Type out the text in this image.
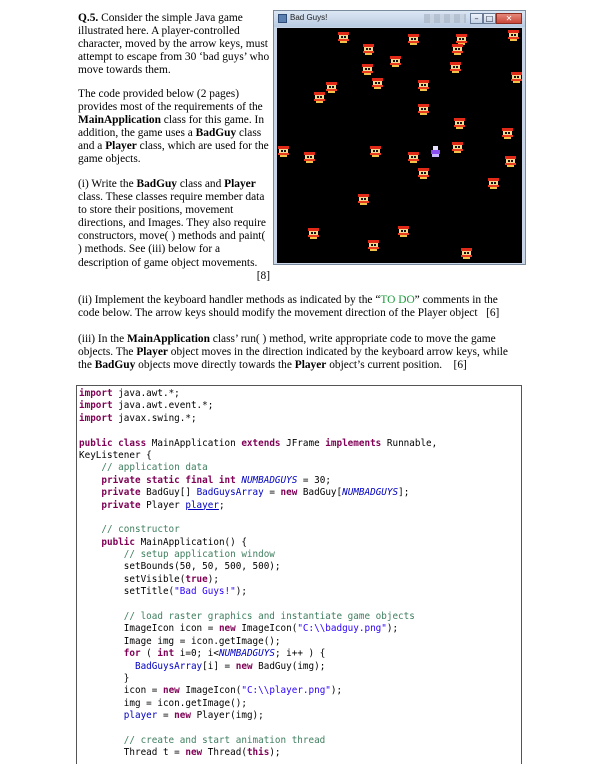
Q.5. Consider the simple Java game illustrated here. A player-controlled character, moved by the arrow keys, must attempt to escape from 30 ‘bad guys’ who move towards them.

The code provided below (2 pages) provides most of the requirements of the MainApplication class for this game. In addition, the game uses a BadGuy class and a Player class, which are used for the game objects.

(i) Write the BadGuy class and Player class. These classes require member data to store their positions, movement directions, and Images. They also require constructors, move( ) methods and paint( ) methods. See (iii) below for a description of game object movements.
[8]

Bad Guys!	– □	✕

(ii) Implement the keyboard handler methods as indicated by the “TO DO” comments in the code below. The arrow keys should modify the movement direction of the Player object [6]

(iii) In the MainApplication class’ run( ) method, write appropriate code to move the game objects. The Player object moves in the direction indicated by the keyboard arrow keys, while the BadGuy objects move directly towards the Player object’s current position. [6]

import java.awt.*;
import java.awt.event.*;
import javax.swing.*;

public class MainApplication extends JFrame implements Runnable,
KeyListener {
// application data
private static final int NUMBADGUYS = 30;
private BadGuy[] BadGuysArray = new BadGuy[NUMBADGUYS];
private Player player;

// constructor
public MainApplication() {
// setup application window
setBounds(50, 50, 500, 500);
setVisible(true);
setTitle("Bad Guys!");

// load raster graphics and instantiate game objects
ImageIcon icon = new ImageIcon("C:\\badguy.png");
Image img = icon.getImage();
for ( int i=0; i<NUMBADGUYS; i++ ) {
BadGuysArray[i] = new BadGuy(img);
}
icon = new ImageIcon("C:\\player.png");
img = icon.getImage();
player = new Player(img);

// create and start animation thread
Thread t = new Thread(this);
